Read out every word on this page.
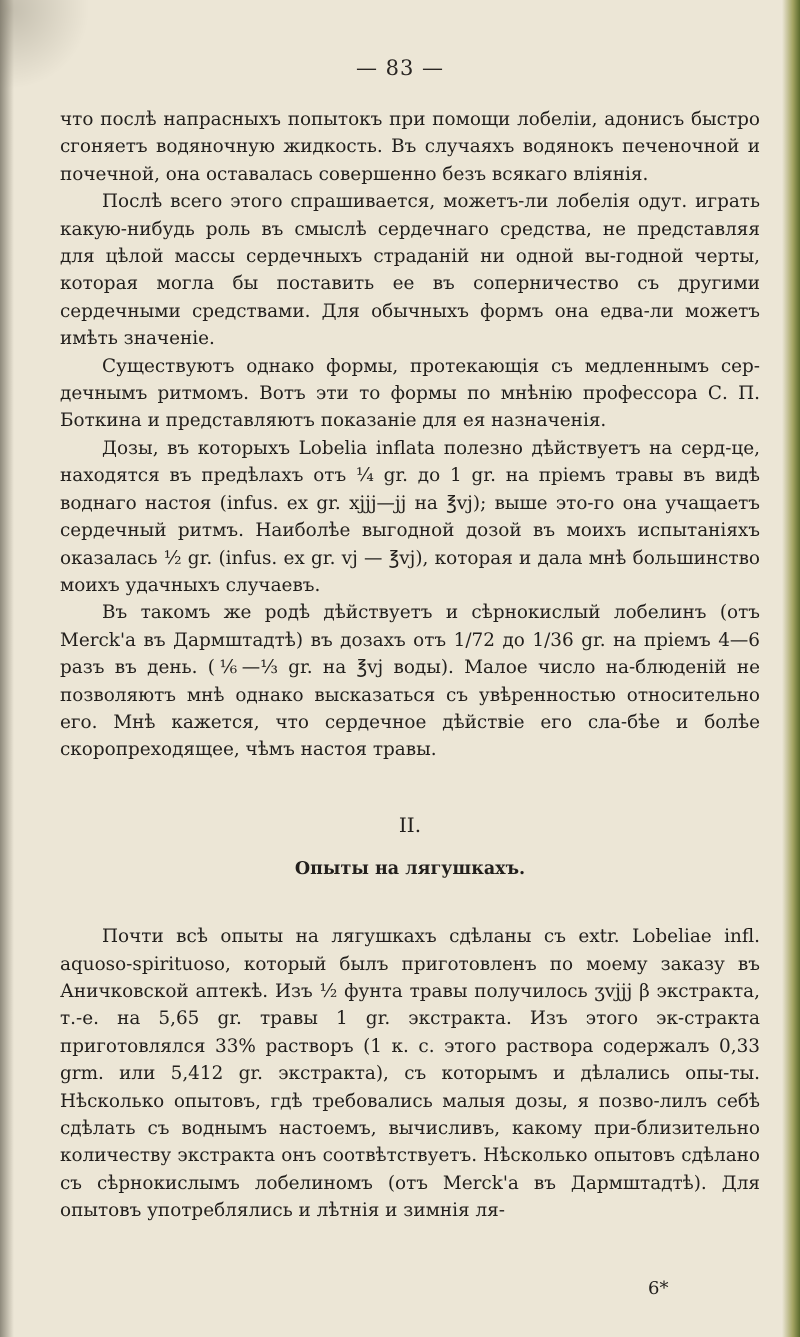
— 83 —

что послѣ напрасныхъ попытокъ при помощи лобеліи, адонисъ быстро сгоняетъ водяночную жидкость. Въ случаяхъ водянокъ печеночной и почечной, она оставалась совершенно безъ всякаго вліянія.

Послѣ всего этого спрашивается, можетъ-ли лобелія одут. играть какую-нибудь роль въ смыслѣ сердечнаго средства, не представляя для цѣлой массы сердечныхъ страданій ни одной вы-годной черты, которая могла бы поставить ее въ соперничество съ другими сердечными средствами. Для обычныхъ формъ она едва-ли можетъ имѣть значеніе.

Существуютъ однако формы, протекающія съ медленнымъ сер-дечнымъ ритмомъ. Вотъ эти то формы по мнѣнію профессора С. П. Боткина и представляютъ показаніе для ея назначенія.

Дозы, въ которыхъ Lobelia inflata полезно дѣйствуетъ на серд-це, находятся въ предѣлахъ отъ ¼ gr. до 1 gr. на пріемъ травы въ видѣ воднаго настоя (infus. ex gr. xjjj—jj на ℥vj); выше это-го она учащаетъ сердечный ритмъ. Наиболѣе выгодной дозой въ моихъ испытаніяхъ оказалась ½ gr. (infus. ex gr. vj — ℥vj), которая и дала мнѣ большинство моихъ удачныхъ случаевъ.

Въ такомъ же родѣ дѣйствуетъ и сѣрнокислый лобелинъ (отъ Merck'а въ Дармштадтѣ) въ дозахъ отъ 1/72 до 1/36 gr. на пріемъ 4—6 разъ въ день. (⅙—⅓ gr. на ℥vj воды). Малое число на-блюденій не позволяютъ мнѣ однако высказаться съ увѣренностью относительно его. Мнѣ кажется, что сердечное дѣйствіе его сла-бѣе и болѣе скоропреходящее, чѣмъ настоя травы.

II.
Опыты на лягушкахъ.

Почти всѣ опыты на лягушкахъ сдѣланы съ extr. Lobeliae infl. aquoso-spirituoso, который былъ приготовленъ по моему заказу въ Аничковской аптекѣ. Изъ ½ фунта травы получилось ʒvjjj β экстракта, т.-е. на 5,65 gr. травы 1 gr. экстракта. Изъ этого эк-стракта приготовлялся 33% растворъ (1 к. с. этого раствора содержалъ 0,33 grm. или 5,412 gr. экстракта), съ которымъ и дѣлались опы-ты. Нѣсколько опытовъ, гдѣ требовались малыя дозы, я позво-лилъ себѣ сдѣлать съ воднымъ настоемъ, вычисливъ, какому при-близительно количеству экстракта онъ соотвѣтствуетъ. Нѣсколько опытовъ сдѣлано съ сѣрнокислымъ лобелиномъ (отъ Merck'а въ Дармштадтѣ). Для опытовъ употреблялись и лѣтнія и зимнія ля-

6*
